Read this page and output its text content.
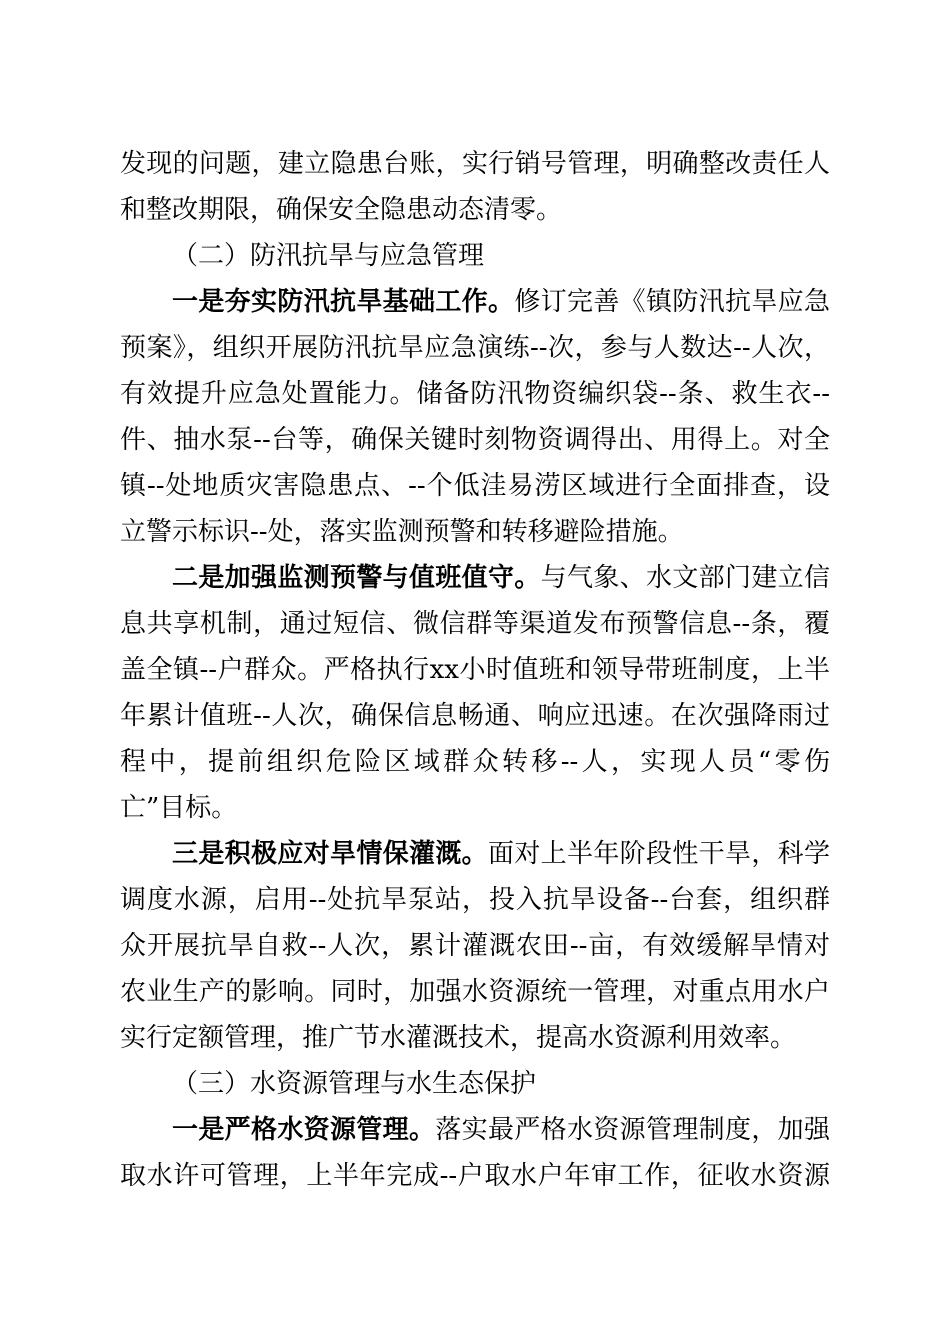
发现的问题，建立隐患台账，实行销号管理，明确整改责任人
和整改期限，确保安全隐患动态清零。
（二）防汛抗旱与应急管理
一是夯实防汛抗旱基础工作。修订完善《镇防汛抗旱应急
预案》，组织开展防汛抗旱应急演练--次，参与人数达--人次，
有效提升应急处置能力。储备防汛物资编织袋--条、救生衣--
件、抽水泵--台等，确保关键时刻物资调得出、用得上。对全
镇--处地质灾害隐患点、--个低洼易涝区域进行全面排查，设
立警示标识--处，落实监测预警和转移避险措施。
二是加强监测预警与值班值守。与气象、水文部门建立信
息共享机制，通过短信、微信群等渠道发布预警信息--条，覆
盖全镇--户群众。严格执行xx小时值班和领导带班制度，上半
年累计值班--人次，确保信息畅通、响应迅速。在次强降雨过
程中，提前组织危险区域群众转移--人，实现人员“零伤
亡”目标。
三是积极应对旱情保灌溉。面对上半年阶段性干旱，科学
调度水源，启用--处抗旱泵站，投入抗旱设备--台套，组织群
众开展抗旱自救--人次，累计灌溉农田--亩，有效缓解旱情对
农业生产的影响。同时，加强水资源统一管理，对重点用水户
实行定额管理，推广节水灌溉技术，提高水资源利用效率。
（三）水资源管理与水生态保护
一是严格水资源管理。落实最严格水资源管理制度，加强
取水许可管理，上半年完成--户取水户年审工作，征收水资源
